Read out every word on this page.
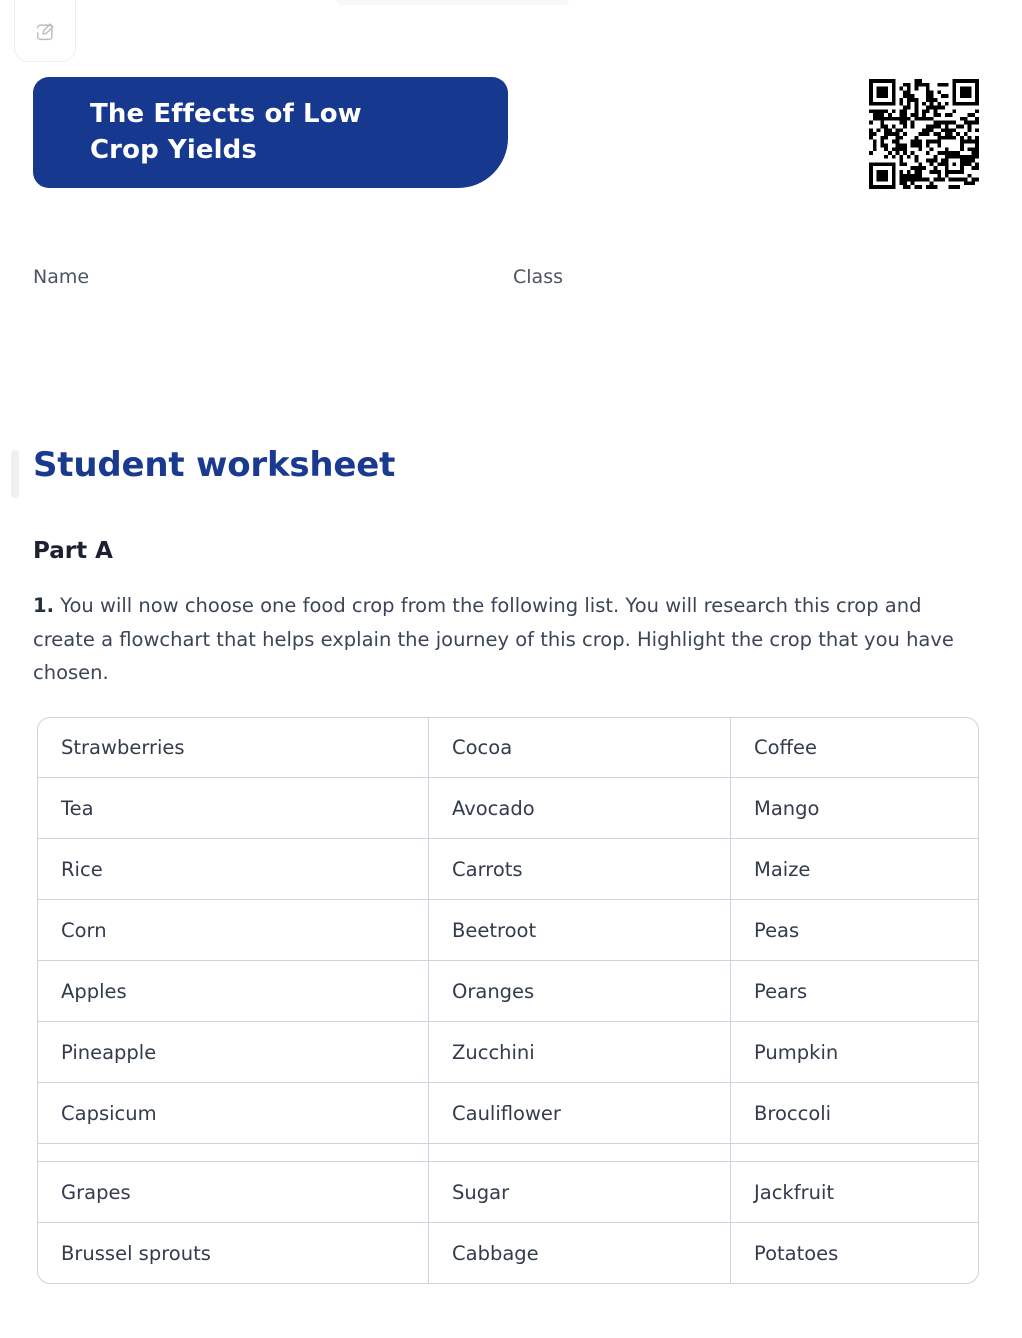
The Effects of Low
Crop Yields
Name	Class
Student worksheet
Part A

1. You will now choose one food crop from the following list. You will research this crop and create a flowchart that helps explain the journey of this crop. Highlight the crop that you have chosen.

Strawberries	Cocoa	Coffee
Tea	Avocado	Mango
Rice	Carrots	Maize
Corn	Beetroot	Peas
Apples	Oranges	Pears
Pineapple	Zucchini	Pumpkin
Capsicum	Cauliflower	Broccoli

Grapes	Sugar	Jackfruit
Brussel sprouts	Cabbage	Potatoes
